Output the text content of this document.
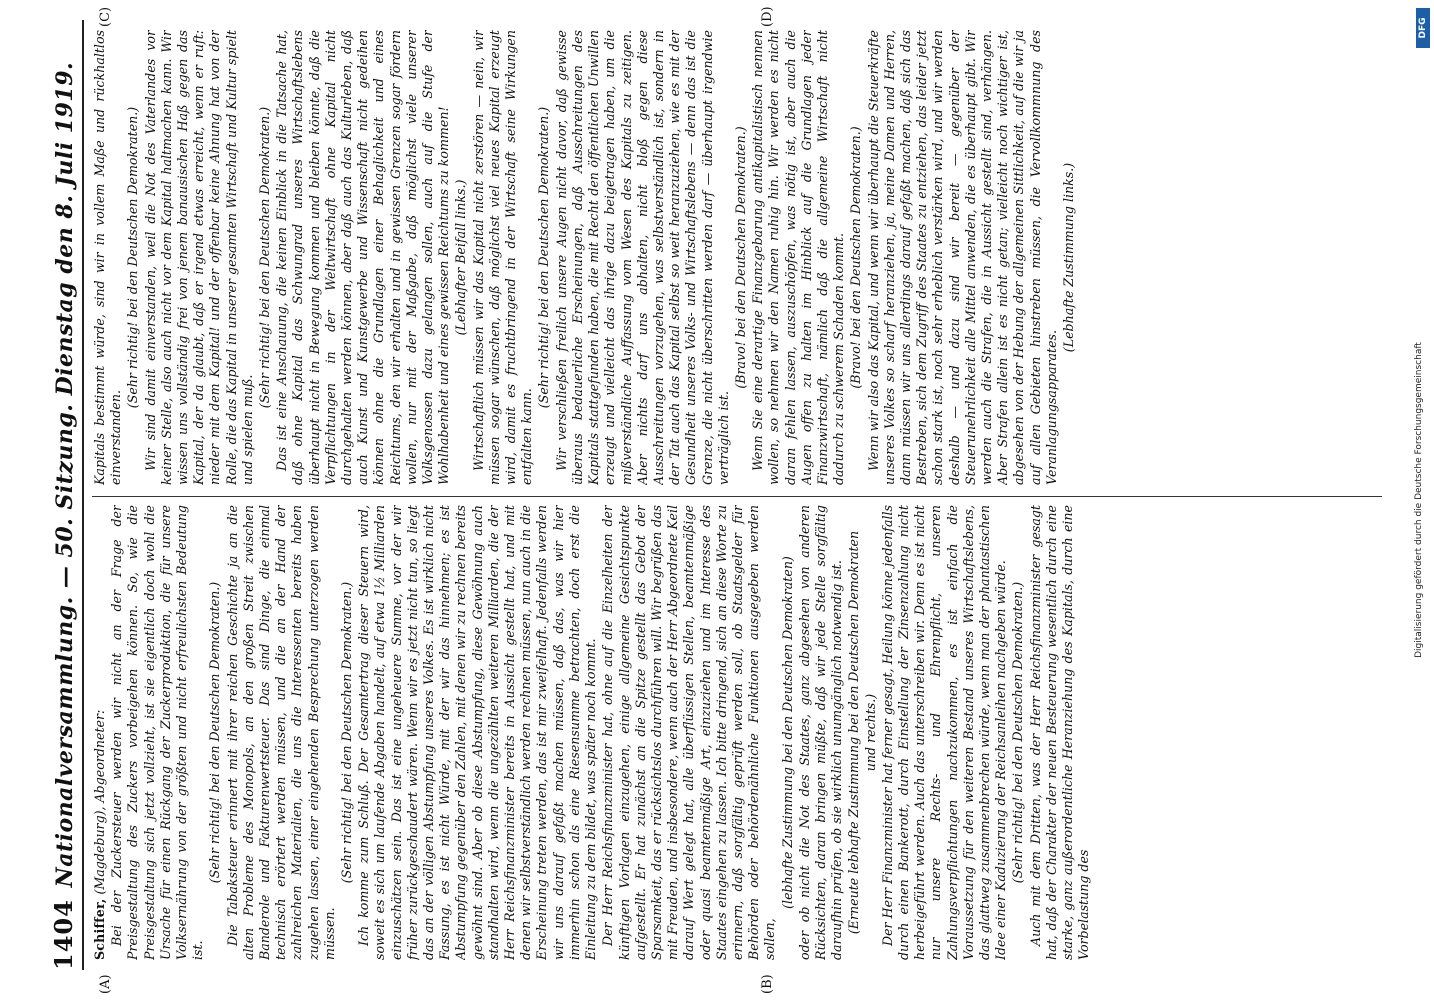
1404
Nationalversammlung. — 50. Sitzung. Dienstag den 8. Juli 1919.
(A)	(B)
(C)	(D)

Schiffer, (Magdeburg), Abgeordneter: Bei der Zuckersteuer werden wir nicht an der Frage der Preisgestaltung des Zuckers vorbeigehen können. So, wie die Preisgestaltung sich jetzt vollzieht, ist sie eigentlich doch wohl die Ursache für einen Rückgang der Zuckerproduktion, die für unsere Volksernährung von der größten und nicht erfreulichsten Bedeutung ist.

(Sehr richtig! bei den Deutschen Demokraten.) Die Tabaksteuer erinnert mit ihrer reichen Geschichte ja an die alten Probleme des Monopols, an den großen Streit zwischen Banderole und Fakturenwertsteuer. Das sind Dinge, die einmal technisch erörtert werden müssen, und die an der Hand der zahlreichen Materialien, die uns die Interessenten bereits haben zugehen lassen, einer eingehenden Besprechung unterzogen werden müssen.

(Sehr richtig! bei den Deutschen Demokraten.) Ich komme zum Schluß. Der Gesamtertrag dieser Steuern wird, soweit es sich um laufende Abgaben handelt, auf etwa 1½ Milliarden einzuschätzen sein. Das ist eine ungeheuere Summe, vor der wir früher zurückgeschaudert wären. Wenn wir es jetzt nicht tun, so liegt das an der völligen Abstumpfung unseres Volkes. Es ist wirklich nicht Fassung, es ist nicht Würde, mit der wir das hinnehmen; es ist Abstumpfung gegenüber den Zahlen, mit denen wir zu rechnen bereits gewöhnt sind. Aber ob diese Abstumpfung, diese Gewöhnung auch standhalten wird, wenn die ungezählten weiteren Milliarden, die der Herr Reichsfinanzminister bereits in Aussicht gestellt hat, und mit denen wir selbstverständlich werden rechnen müssen, nun auch in die Erscheinung treten werden, das ist mir zweifelhaft. Jedenfalls werden wir uns darauf gefaßt machen müssen, daß das, was wir hier immerhin schon als eine Riesensumme betrachten, doch erst die Einleitung zu dem bildet, was später noch kommt. Der Herr Reichsfinanzminister hat, ohne auf die Einzelheiten der künftigen Vorlagen einzugehen, einige allgemeine Gesichtspunkte aufgestellt. Er hat zunächst an die Spitze gestellt das Gebot der Sparsamkeit, das er rücksichtslos durchführen will. Wir begrüßen das mit Freuden, und insbesondere, wenn auch der Herr Abgeordnete Keil darauf Wert gelegt hat, alle überflüssigen Stellen, beamtenmäßige oder quasi beamtenmäßige Art, einzuziehen und im Interesse des Staates eingehen zu lassen. Ich bitte dringend, sich an diese Worte zu erinnern, daß sorgfältig geprüft werden soll, ob Staatsgelder für Behörden oder behördenähnliche Funktionen ausgegeben werden sollen,

(lebhafte Zustimmung bei den Deutschen Demokraten) oder ob nicht die Not des Staates, ganz abgesehen von anderen Rücksichten, daran bringen müßte, daß wir jede Stelle sorgfältig daraufhin prüfen, ob sie wirklich unumgänglich notwendig ist. (Erneute lebhafte Zustimmung bei den Deutschen Demokraten und rechts.) Der Herr Finanzminister hat ferner gesagt, Heilung könne jedenfalls durch einen Bankerott, durch Einstellung der Zinsenzahlung nicht herbeigeführt werden. Auch das unterschreiben wir. Denn es ist nicht nur unsere Rechts- und Ehrenpflicht, unseren Zahlungsverpflichtungen nachzukommen, es ist einfach die Voraussetzung für den weiteren Bestand unseres Wirtschaftslebens, das glattweg zusammenbrechen würde, wenn man der phantastischen Idee einer Kaduzierung der Reichsanleihen nachgeben würde. (Sehr richtig! bei den Deutschen Demokraten.) Auch mit dem Dritten, was der Herr Reichsfinanzminister gesagt hat, daß der Charakter der neuen Besteuerung wesentlich durch eine starke, ganz außerordentliche Heranziehung des Kapitals, durch eine Vorbelastung des

Kapitals bestimmt würde, sind wir in vollem Maße und rückhaltlos einverstanden.

(Sehr richtig! bei den Deutschen Demokraten.) Wir sind damit einverstanden, weil die Not des Vaterlandes vor keiner Stelle, also auch nicht vor dem Kapital haltmachen kann. Wir wissen uns vollständig frei von jenem banausischen Haß gegen das Kapital, der da glaubt, daß er irgend etwas erreicht, wenn er ruft: nieder mit dem Kapital! und der offenbar keine Ahnung hat von der Rolle, die das Kapital in unserer gesamten Wirtschaft und Kultur spielt und spielen muß.

(Sehr richtig! bei den Deutschen Demokraten.) Das ist eine Anschauung, die keinen Einblick in die Tatsache hat, daß ohne Kapital das Schwungrad unseres Wirtschaftslebens überhaupt nicht in Bewegung kommen und bleiben könnte, daß die Verpflichtungen in der Weltwirtschaft ohne Kapital nicht durchgehalten werden können, aber daß auch das Kulturleben, daß auch Kunst und Kunstgewerbe und Wissenschaft nicht gedeihen können ohne die Grundlagen einer Behaglichkeit und eines Reichtums, den wir erhalten und in gewissen Grenzen sogar fördern wollen, nur mit der Maßgabe, daß möglichst viele unserer Volksgenossen dazu gelangen sollen, auch auf die Stufe der Wohlhabenheit und eines gewissen Reichtums zu kommen! (Lebhafter Beifall links.) Wirtschaftlich müssen wir das Kapital nicht zerstören — nein, wir müssen sogar wünschen, daß möglichst viel neues Kapital erzeugt wird, damit es fruchtbringend in der Wirtschaft seine Wirkungen entfalten kann.

(Sehr richtig! bei den Deutschen Demokraten.) Wir verschließen freilich unsere Augen nicht davor, daß gewisse überaus bedauerliche Erscheinungen, daß Ausschreitungen des Kapitals stattgefunden haben, die mit Recht den öffentlichen Unwillen erzeugt und vielleicht das ihrige dazu beigetragen haben, um die mißverständliche Auffassung vom Wesen des Kapitals zu zeitigen. Aber nichts darf uns abhalten, nicht bloß gegen diese Ausschreitungen vorzugehen, was selbstverständlich ist, sondern in der Tat auch das Kapital selbst so weit heranzuziehen, wie es mit der Gesundheit unseres Volks- und Wirtschaftslebens — denn das ist die Grenze, die nicht überschritten werden darf — überhaupt irgendwie verträglich ist.

(Bravo! bei den Deutschen Demokraten.) Wenn Sie eine derartige Finanzgebarung antikapitalistisch nennen wollen, so nehmen wir den Namen ruhig hin. Wir werden es nicht daran fehlen lassen, auszuschöpfen, was nötig ist, aber auch die Augen offen zu halten im Hinblick auf die Grundlagen jeder Finanzwirtschaft, nämlich daß die allgemeine Wirtschaft nicht dadurch zu schwerem Schaden kommt. (Bravo! bei den Deutschen Demokraten.) Wenn wir also das Kapital, und wenn wir überhaupt die Steuerkräfte unseres Volkes so scharf heranziehen, ja, meine Damen und Herren, dann müssen wir uns allerdings darauf gefaßt machen, daß sich das Bestreben, sich dem Zugriff des Staates zu entziehen, das leider jetzt schon stark ist, noch sehr erheblich verstärken wird, und wir werden deshalb — und dazu sind wir bereit — gegenüber der Steuerunehrlichkeit alle Mittel anwenden, die es überhaupt gibt. Wir werden auch die Strafen, die in Aussicht gestellt sind, verhängen. Aber Strafen allein ist es nicht getan; vielleicht noch wichtiger ist, abgesehen von der Hebung der allgemeinen Sittlichkeit, auf die wir ja auf allen Gebieten hinstreben müssen, die Vervollkommnung des Veranlagungsapparates.

(Lebhafte Zustimmung links.)

Digitalisierung gefördert durch die Deutsche Forschungsgemeinschaft
DFG
